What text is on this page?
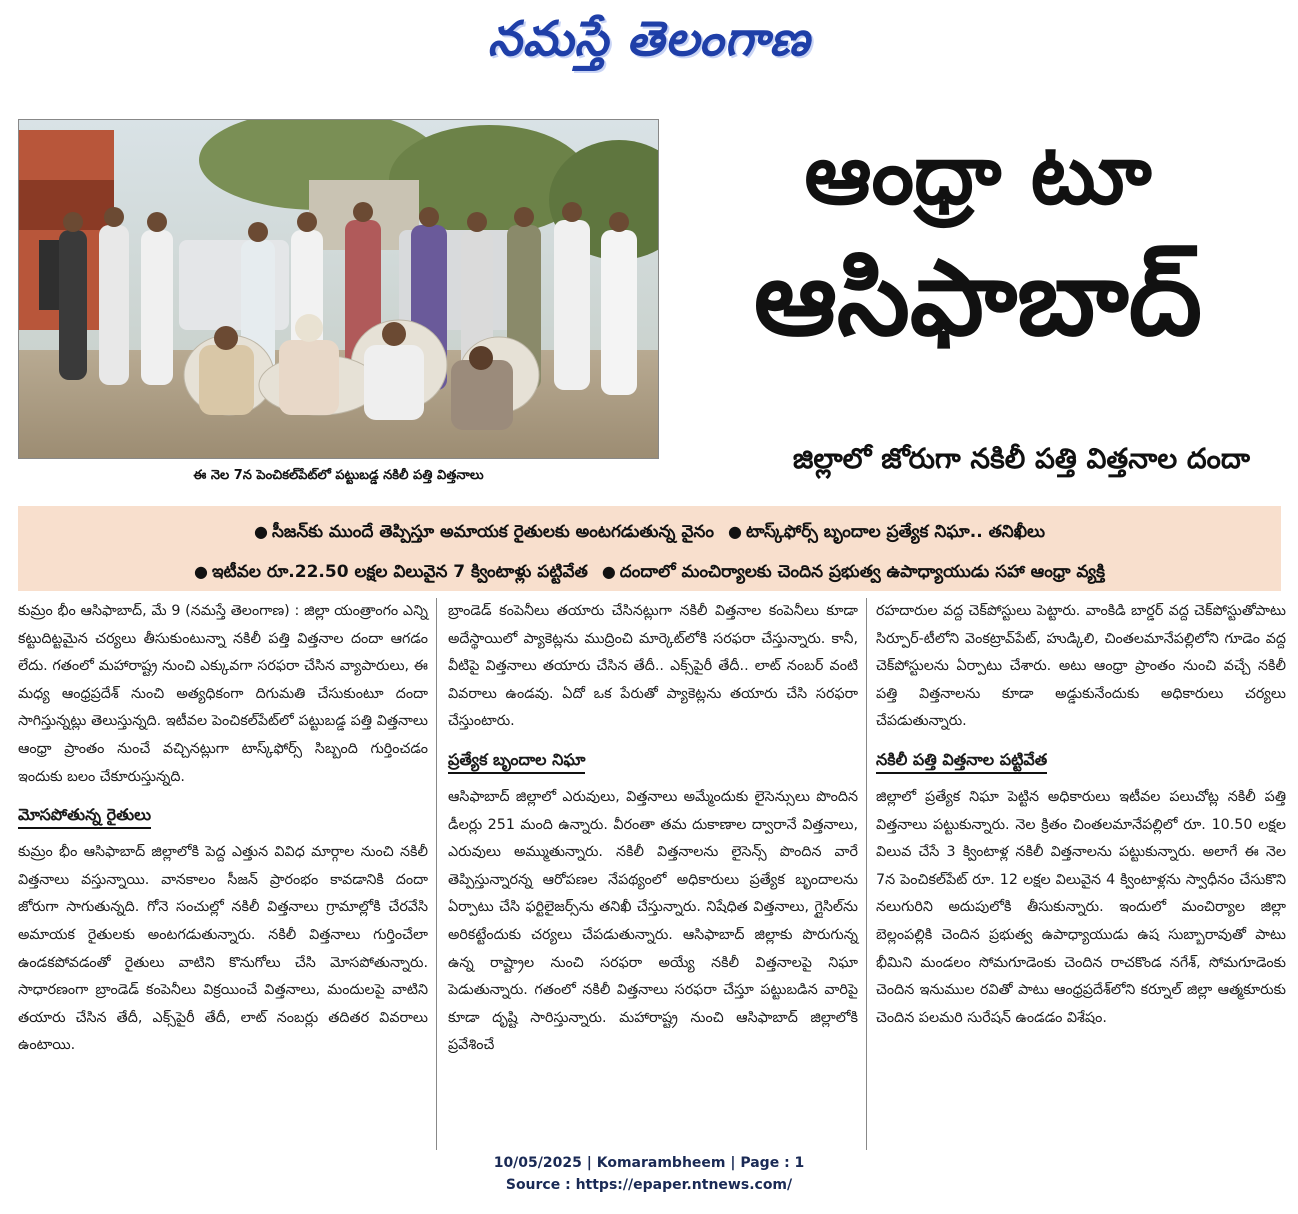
నమస్తే తెలంగాణ
ఈ నెల 7న పెంచికల్‌పేట్‌లో పట్టుబడ్డ నకిలీ పత్తి విత్తనాలు
ఆంధ్రా టూ
ఆసిఫాబాద్
జిల్లాలో జోరుగా నకిలీ పత్తి విత్తనాల దందా
● సీజన్‌కు ముందే తెప్పిస్తూ అమాయక రైతులకు అంటగడుతున్న వైనం ● టాస్క్‌ఫోర్స్ బృందాల ప్రత్యేక నిఘా.. తనిఖీలు
● ఇటీవల రూ.22.50 లక్షల విలువైన 7 క్వింటాళ్లు పట్టివేత ● దందాలో మంచిర్యాలకు చెందిన ప్రభుత్వ ఉపాధ్యాయుడు సహా ఆంధ్రా వ్యక్తి

కుమ్రం భీం ఆసిఫాబాద్, మే 9 (నమస్తే తెలంగాణ) : జిల్లా యంత్రాంగం ఎన్ని కట్టుదిట్టమైన చర్యలు తీసుకుంటున్నా నకిలీ పత్తి విత్తనాల దందా ఆగడం లేదు. గతంలో మహారాష్ట్ర నుంచి ఎక్కువగా సరఫరా చేసిన వ్యాపారులు, ఈ మధ్య ఆంధ్రప్రదేశ్ నుంచి అత్యధికంగా దిగుమతి చేసుకుంటూ దందా సాగిస్తున్నట్లు తెలుస్తున్నది. ఇటీవల పెంచికల్‌పేట్‌లో పట్టుబడ్డ పత్తి విత్తనాలు ఆంధ్రా ప్రాంతం నుంచే వచ్చినట్లుగా టాస్క్‌ఫోర్స్ సిబ్బంది గుర్తించడం ఇందుకు బలం చేకూరుస్తున్నది.

మోసపోతున్న రైతులు

కుమ్రం భీం ఆసిఫాబాద్ జిల్లాలోకి పెద్ద ఎత్తున వివిధ మార్గాల నుంచి నకిలీ విత్తనాలు వస్తున్నాయి. వానకాలం సీజన్ ప్రారంభం కావడానికి దందా జోరుగా సాగుతున్నది. గోనె సంచుల్లో నకిలీ విత్తనాలు గ్రామాల్లోకి చేరవేసి అమాయక రైతులకు అంటగడుతున్నారు. నకిలీ విత్తనాలు గుర్తించేలా ఉండకపోవడంతో రైతులు వాటిని కొనుగోలు చేసి మోసపోతున్నారు. సాధారణంగా బ్రాండెడ్ కంపెనీలు విక్రయించే విత్తనాలు, మందులపై వాటిని తయారు చేసిన తేదీ, ఎక్స్‌పైరీ తేదీ, లాట్ నంబర్లు తదితర వివరాలు ఉంటాయి.

బ్రాండెడ్ కంపెనీలు తయారు చేసినట్లుగా నకిలీ విత్తనాల కంపెనీలు కూడా అదేస్థాయిలో ప్యాకెట్లను ముద్రించి మార్కెట్‌లోకి సరఫరా చేస్తున్నారు. కానీ, వీటిపై విత్తనాలు తయారు చేసిన తేదీ.. ఎక్స్‌పైరీ తేదీ.. లాట్ నంబర్ వంటి వివరాలు ఉండవు. ఏదో ఒక పేరుతో ప్యాకెట్లను తయారు చేసి సరఫరా చేస్తుంటారు.

ప్రత్యేక బృందాల నిఘా

ఆసిఫాబాద్ జిల్లాలో ఎరువులు, విత్తనాలు అమ్మేందుకు లైసెన్సులు పొందిన డీలర్లు 251 మంది ఉన్నారు. వీరంతా తమ దుకాణాల ద్వారానే విత్తనాలు, ఎరువులు అమ్ముతున్నారు. నకిలీ విత్తనాలను లైసెన్స్ పొందిన వారే తెప్పిస్తున్నారన్న ఆరోపణల నేపథ్యంలో అధికారులు ప్రత్యేక బృందాలను ఏర్పాటు చేసి ఫర్టిలైజర్స్‌ను తనిఖీ చేస్తున్నారు. నిషేధిత విత్తనాలు, గ్లైసిల్‌ను అరికట్టేందుకు చర్యలు చేపడుతున్నారు. ఆసిఫాబాద్ జిల్లాకు పొరుగున్న ఉన్న రాష్ట్రాల నుంచి సరఫరా అయ్యే నకిలీ విత్తనాలపై నిఘా పెడుతున్నారు. గతంలో నకిలీ విత్తనాలు సరఫరా చేస్తూ పట్టుబడిన వారిపై కూడా దృష్టి సారిస్తున్నారు. మహారాష్ట్ర నుంచి ఆసిఫాబాద్ జిల్లాలోకి ప్రవేశించే

రహదారుల వద్ద చెక్‌పోస్టులు పెట్టారు. వాంకిడి బార్డర్ వద్ద చెక్‌పోస్టుతోపాటు సిర్పూర్-టీలోని వెంకట్రావ్‌పేట్, హుడ్కిలి, చింతలమానేపల్లిలోని గూడెం వద్ద చెక్‌పోస్టులను ఏర్పాటు చేశారు. అటు ఆంధ్రా ప్రాంతం నుంచి వచ్చే నకిలీ పత్తి విత్తనాలను కూడా అడ్డుకునేందుకు అధికారులు చర్యలు చేపడుతున్నారు.

నకిలీ పత్తి విత్తనాల పట్టివేత

జిల్లాలో ప్రత్యేక నిఘా పెట్టిన అధికారులు ఇటీవల పలుచోట్ల నకిలీ పత్తి విత్తనాలు పట్టుకున్నారు. నెల క్రితం చింతలమానేపల్లిలో రూ. 10.50 లక్షల విలువ చేసే 3 క్వింటాళ్ల నకిలీ విత్తనాలను పట్టుకున్నారు. అలాగే ఈ నెల 7న పెంచికల్‌పేట్ రూ. 12 లక్షల విలువైన 4 క్వింటాళ్లను స్వాధీనం చేసుకొని నలుగురిని అదుపులోకి తీసుకున్నారు. ఇందులో మంచిర్యాల జిల్లా బెల్లంపల్లికి చెందిన ప్రభుత్వ ఉపాధ్యాయుడు ఉష సుబ్బారావుతో పాటు భీమిని మండలం సోమగూడెంకు చెందిన రాచకొండ నగేశ్, సోమగూడెంకు చెందిన ఇనుముల రవితో పాటు ఆంధ్రప్రదేశ్‌లోని కర్నూల్ జిల్లా ఆత్మకూరుకు చెందిన పలమరి సురేషన్ ఉండడం విశేషం.

10/05/2025 | Komarambheem | Page : 1
Source : https://epaper.ntnews.com/
